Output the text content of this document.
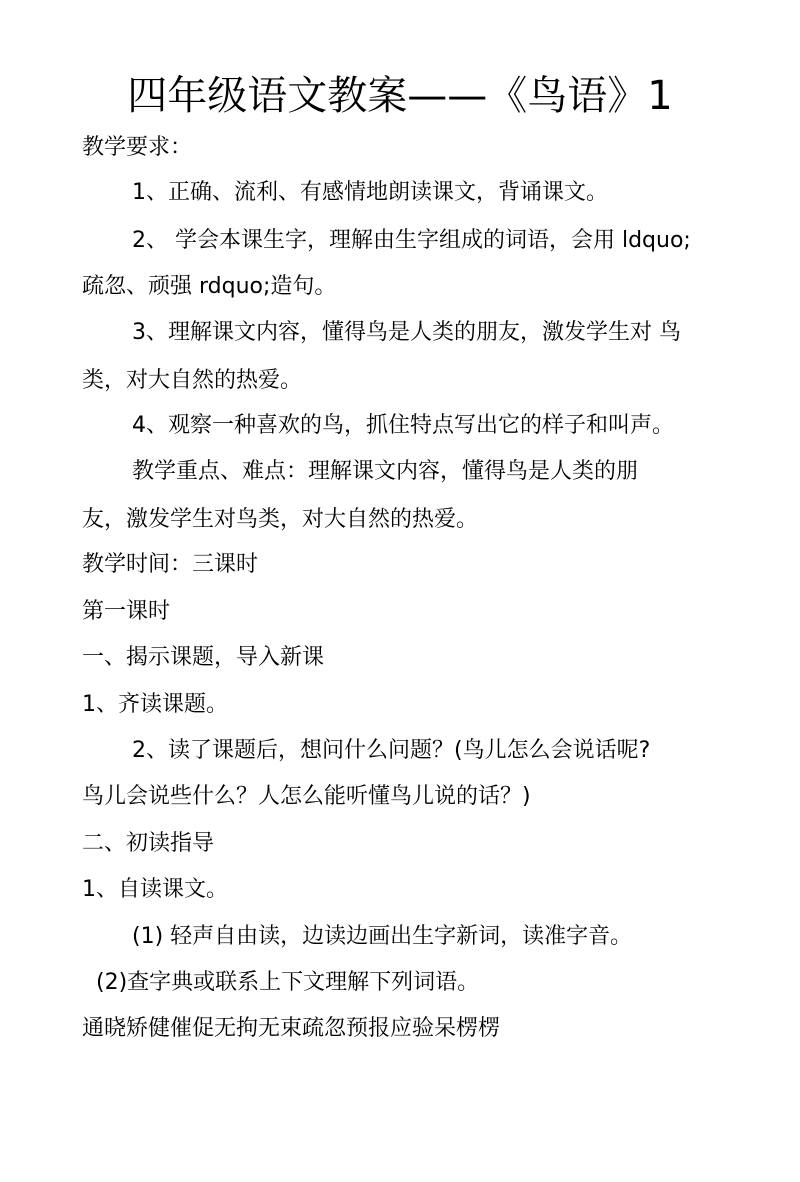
四年级语文教案——《鸟语》1
教学要求：
1、正确、流利、有感情地朗读课文，背诵课文。
2、 学会本课生字，理解由生字组成的词语，会用 ldquo;
疏忽、顽强 rdquo;造句。
3、理解课文内容，懂得鸟是人类的朋友，激发学生对 鸟
类，对大自然的热爱。
4、观察一种喜欢的鸟，抓住特点写出它的样子和叫声。
教学重点、难点：理解课文内容，懂得鸟是人类的朋
友，激发学生对鸟类，对大自然的热爱。
教学时间：三课时
第一课时
一、揭示课题，导入新课
1、齐读课题。
2、读了课题后，想问什么问题？(鸟儿怎么会说话呢?
鸟儿会说些什么？人怎么能听懂鸟儿说的话？)
二、初读指导
1、自读课文。
(1) 轻声自由读，边读边画出生字新词，读准字音。
(2)查字典或联系上下文理解下列词语。
通晓矫健催促无拘无束疏忽预报应验呆楞楞
